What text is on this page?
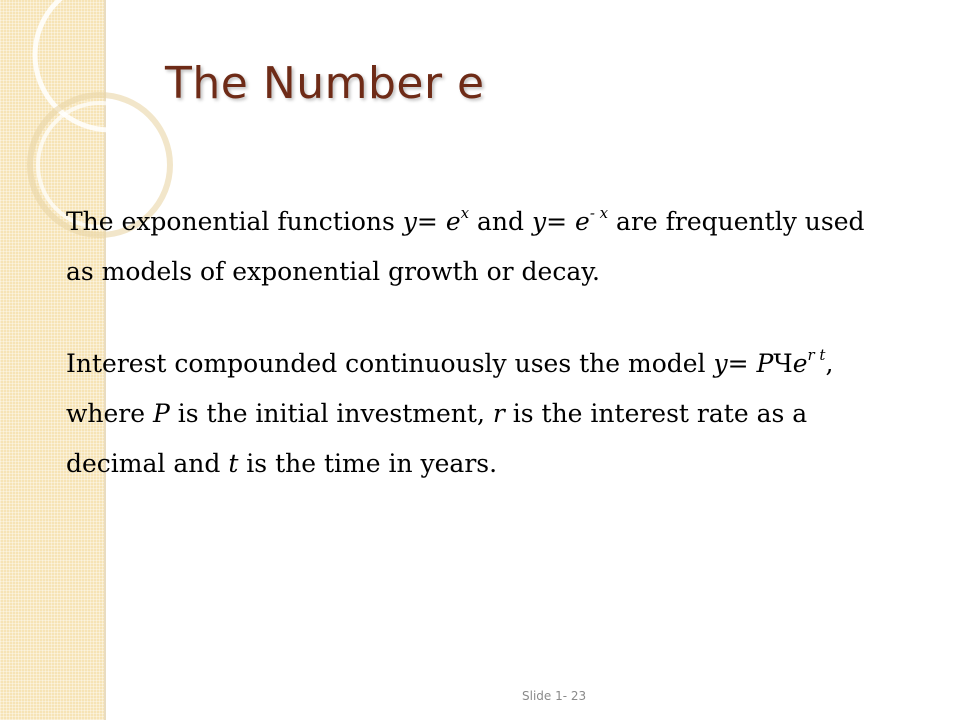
The Number e

The exponential functions $y= e^x$ and $y= e^{- x}$ are frequently used as models of exponential growth or decay.

Interest compounded continuously uses the model y= PЧe$^{r t}$, where P is the initial investment, r is the interest rate as a decimal and t is the time in years.

Slide 1- 23
